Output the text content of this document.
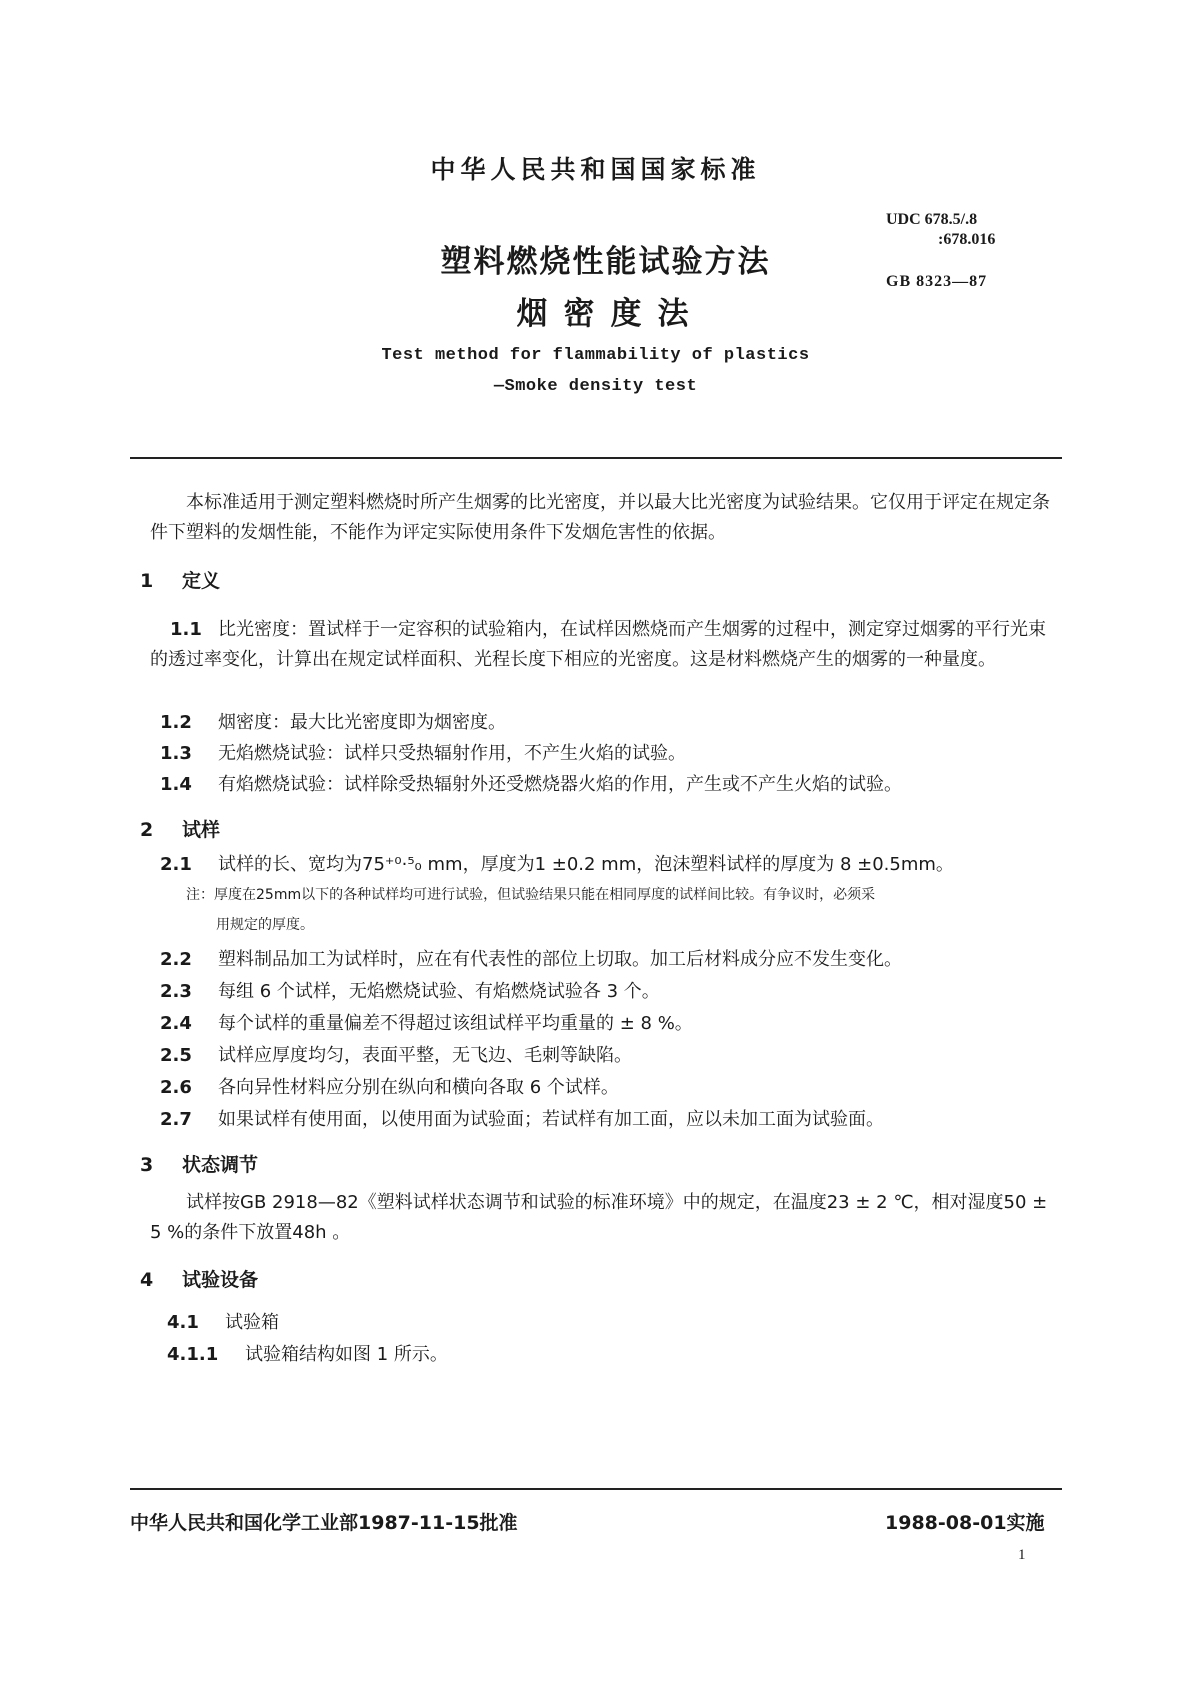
中华人民共和国国家标准
UDC 678.5/.8
:678.016
GB 8323—87
塑料燃烧性能试验方法
烟密度法
Test method for flammability of plastics
—Smoke density test
本标准适用于测定塑料燃烧时所产生烟雾的比光密度，并以最大比光密度为试验结果。它仅用于评定在规定条件下塑料的发烟性能，不能作为评定实际使用条件下发烟危害性的依据。
1 定义
1.1 比光密度：置试样于一定容积的试验箱内，在试样因燃烧而产生烟雾的过程中，测定穿过烟雾的平行光束的透过率变化，计算出在规定试样面积、光程长度下相应的光密度。这是材料燃烧产生的烟雾的一种量度。
1.2 烟密度：最大比光密度即为烟密度。
1.3 无焰燃烧试验：试样只受热辐射作用，不产生火焰的试验。
1.4 有焰燃烧试验：试样除受热辐射外还受燃烧器火焰的作用，产生或不产生火焰的试验。
2 试样
2.1 试样的长、宽均为75⁺⁰·⁵₀ mm，厚度为1 ±0.2 mm，泡沫塑料试样的厚度为 8 ±0.5mm。
注：厚度在25mm以下的各种试样均可进行试验，但试验结果只能在相同厚度的试样间比较。有争议时，必须采
用规定的厚度。
2.2 塑料制品加工为试样时，应在有代表性的部位上切取。加工后材料成分应不发生变化。
2.3 每组 6 个试样，无焰燃烧试验、有焰燃烧试验各 3 个。
2.4 每个试样的重量偏差不得超过该组试样平均重量的 ± 8 %。
2.5 试样应厚度均匀，表面平整，无飞边、毛刺等缺陷。
2.6 各向异性材料应分别在纵向和横向各取 6 个试样。
2.7 如果试样有使用面，以使用面为试验面；若试样有加工面，应以未加工面为试验面。
3 状态调节
试样按GB 2918—82《塑料试样状态调节和试验的标准环境》中的规定，在温度23 ± 2 ℃，相对湿度50 ± 5 %的条件下放置48h 。
4 试验设备
4.1 试验箱
4.1.1 试验箱结构如图 1 所示。
中华人民共和国化学工业部1987-11-15批准	1988-08-01实施
1
